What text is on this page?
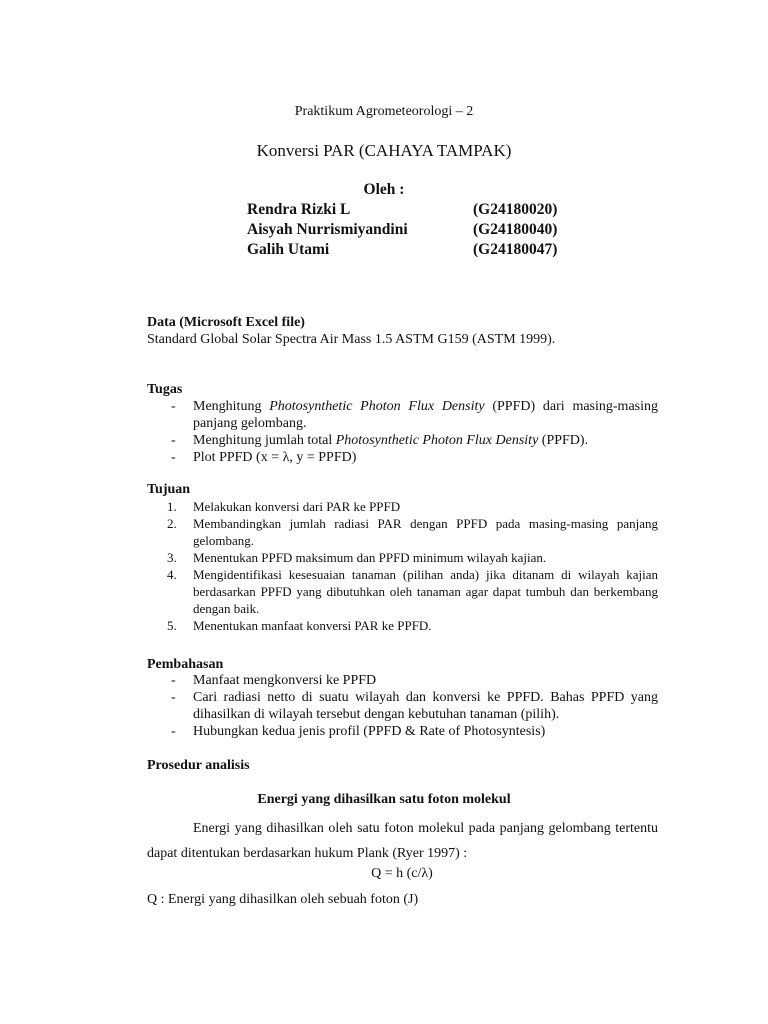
Praktikum Agrometeorologi – 2
Konversi PAR (CAHAYA TAMPAK)
Oleh :
Rendra Rizki L	(G24180020)
Aisyah Nurrismiyandini	(G24180040)
Galih Utami	(G24180047)
Data (Microsoft Excel file)
Standard Global Solar Spectra Air Mass 1.5 ASTM G159 (ASTM 1999).
Tugas
- Menghitung Photosynthetic Photon Flux Density (PPFD) dari masing-masing panjang gelombang.
- Menghitung jumlah total Photosynthetic Photon Flux Density (PPFD).
- Plot PPFD (x = λ, y = PPFD)
Tujuan
1. Melakukan konversi dari PAR ke PPFD
2. Membandingkan jumlah radiasi PAR dengan PPFD pada masing-masing panjang gelombang.
3. Menentukan PPFD maksimum dan PPFD minimum wilayah kajian.
4. Mengidentifikasi kesesuaian tanaman (pilihan anda) jika ditanam di wilayah kajian berdasarkan PPFD yang dibutuhkan oleh tanaman agar dapat tumbuh dan berkembang dengan baik.
5. Menentukan manfaat konversi PAR ke PPFD.
Pembahasan
- Manfaat mengkonversi ke PPFD
- Cari radiasi netto di suatu wilayah dan konversi ke PPFD. Bahas PPFD yang dihasilkan di wilayah tersebut dengan kebutuhan tanaman (pilih).
- Hubungkan kedua jenis profil (PPFD & Rate of Photosyntesis)
Prosedur analisis
Energi yang dihasilkan satu foton molekul
Energi yang dihasilkan oleh satu foton molekul pada panjang gelombang tertentu dapat ditentukan berdasarkan hukum Plank (Ryer 1997) :
Q = h (c/λ)
Q : Energi yang dihasilkan oleh sebuah foton (J)
